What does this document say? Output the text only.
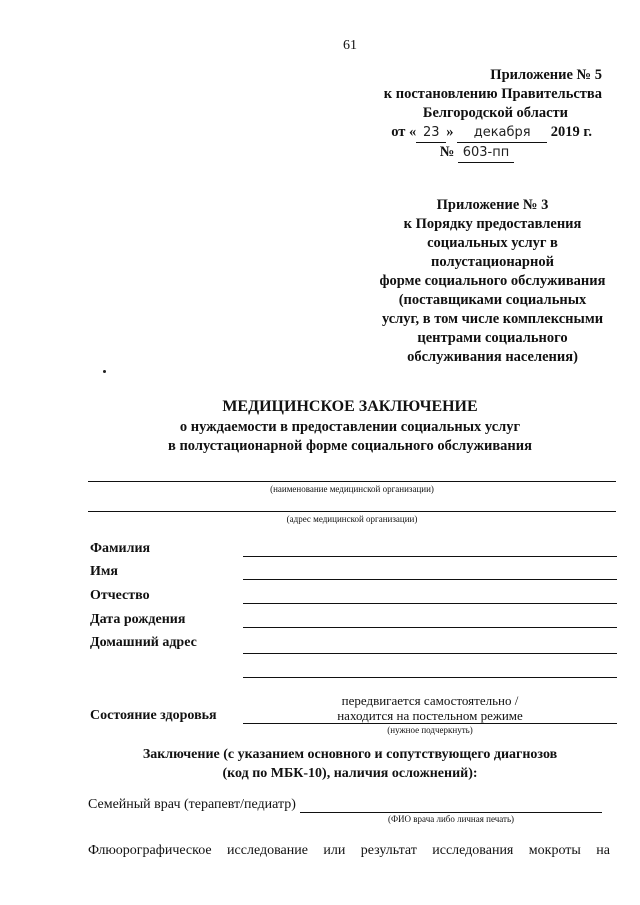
61
Приложение № 5
к постановлению Правительства
Белгородской области
от « 23 » декабря 2019 г.
№ 603-пп
Приложение № 3
к Порядку предоставления
социальных услуг в
полустационарной
форме социального обслуживания
(поставщиками социальных
услуг, в том числе комплексными
центрами социального
обслуживания населения)
МЕДИЦИНСКОЕ ЗАКЛЮЧЕНИЕ
о нуждаемости в предоставлении социальных услуг
в полустационарной форме социального обслуживания
(наименование медицинской организации)
(адрес медицинской организации)
Фамилия
Имя
Отчество
Дата рождения
Домашний адрес
передвигается самостоятельно /
Состояние здоровья	находится на постельном режиме
(нужное подчеркнуть)
Заключение (с указанием основного и сопутствующего диагнозов
(код по МБК-10), наличия осложнений):
Семейный врач (терапевт/педиатр)
(ФИО врача либо личная печать)
Флюорографическое исследование или результат исследования мокроты на
